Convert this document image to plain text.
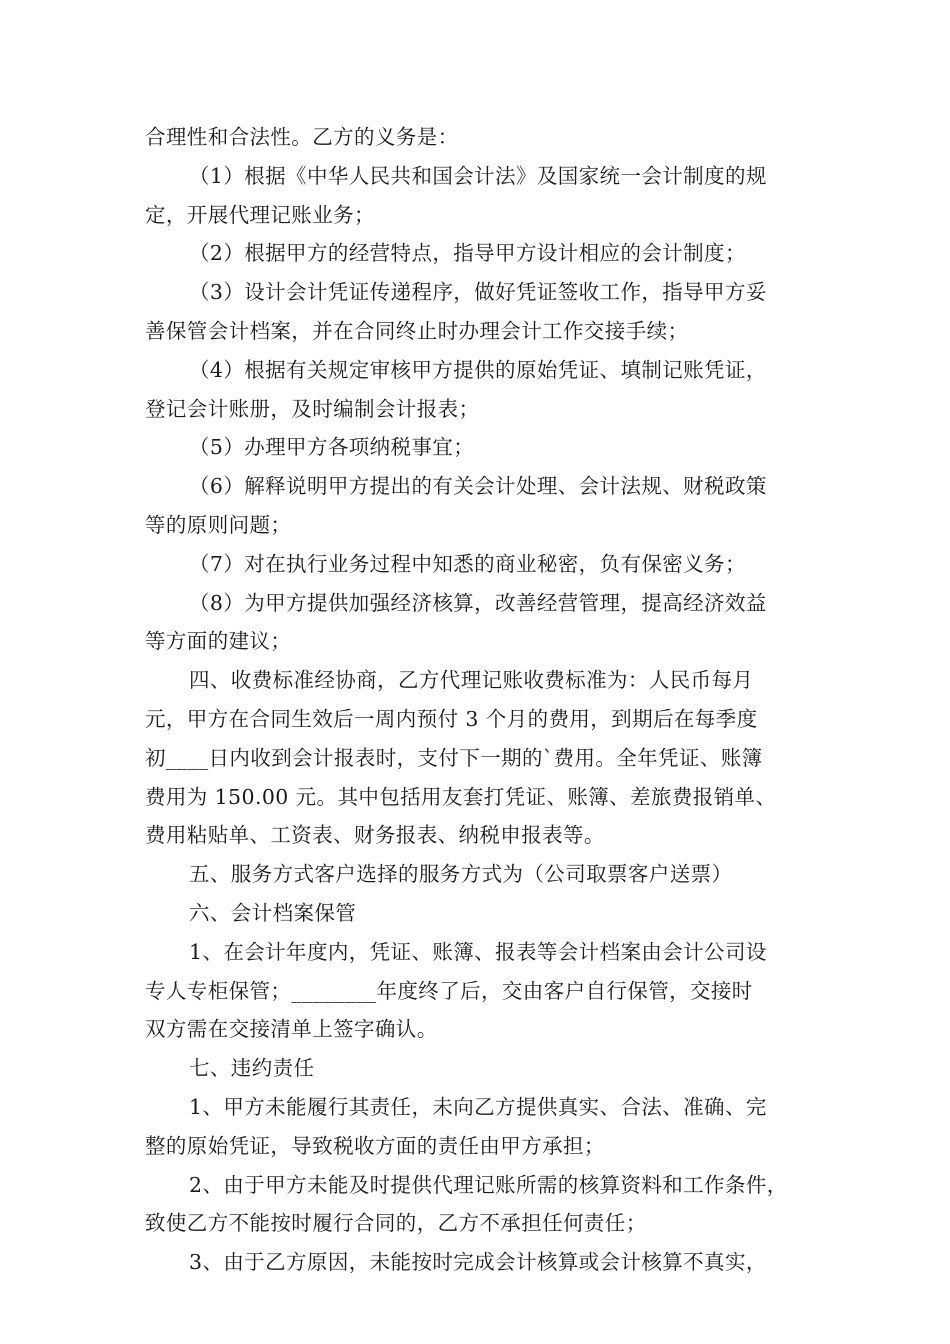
合理性和合法性。乙方的义务是：
（1）根据《中华人民共和国会计法》及国家统一会计制度的规
定，开展代理记账业务；
（2）根据甲方的经营特点，指导甲方设计相应的会计制度；
（3）设计会计凭证传递程序，做好凭证签收工作，指导甲方妥
善保管会计档案，并在合同终止时办理会计工作交接手续；
（4）根据有关规定审核甲方提供的原始凭证、填制记账凭证，
登记会计账册，及时编制会计报表；
（5）办理甲方各项纳税事宜；
（6）解释说明甲方提出的有关会计处理、会计法规、财税政策
等的原则问题；
（7）对在执行业务过程中知悉的商业秘密，负有保密义务；
（8）为甲方提供加强经济核算，改善经营管理，提高经济效益
等方面的建议；
四、收费标准经协商，乙方代理记账收费标准为：人民币每月
元，甲方在合同生效后一周内预付 3 个月的费用，到期后在每季度
初____日内收到会计报表时，支付下一期的`费用。全年凭证、账簿
费用为 150.00 元。其中包括用友套打凭证、账簿、差旅费报销单、
费用粘贴单、工资表、财务报表、纳税申报表等。
五、服务方式客户选择的服务方式为（公司取票客户送票）
六、会计档案保管
1、在会计年度内，凭证、账簿、报表等会计档案由会计公司设
专人专柜保管；________年度终了后，交由客户自行保管，交接时
双方需在交接清单上签字确认。
七、违约责任
1、甲方未能履行其责任，未向乙方提供真实、合法、准确、完
整的原始凭证，导致税收方面的责任由甲方承担；
2、由于甲方未能及时提供代理记账所需的核算资料和工作条件，
致使乙方不能按时履行合同的，乙方不承担任何责任；
3、由于乙方原因，未能按时完成会计核算或会计核算不真实，
